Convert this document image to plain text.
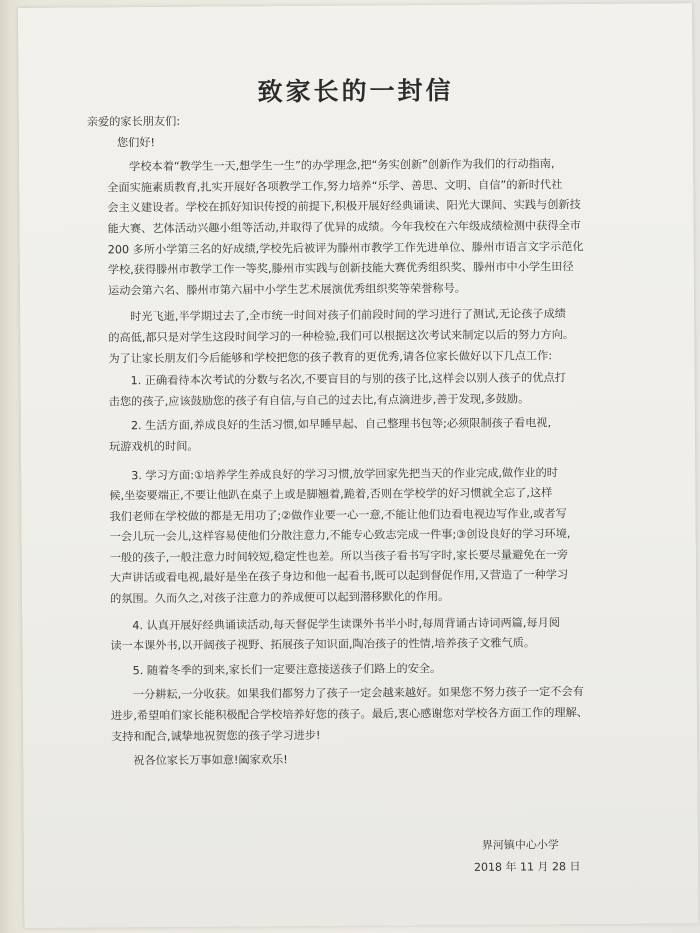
致家长的一封信
亲爱的家长朋友们:
您们好!
学校本着“教学生一天,想学生一生”的办学理念,把“务实创新”创新作为我们的行动指南,
全面实施素质教育,扎实开展好各项教学工作,努力培养“乐学、善思、文明、自信”的新时代社
会主义建设者。学校在抓好知识传授的前提下,积极开展好经典诵读、阳光大课间、实践与创新技
能大赛、艺体活动兴趣小组等活动,并取得了优异的成绩。今年我校在六年级成绩检测中获得全市
200 多所小学第三名的好成绩,学校先后被评为滕州市教学工作先进单位、滕州市语言文字示范化
学校,获得滕州市教学工作一等奖,滕州市实践与创新技能大赛优秀组织奖、滕州市中小学生田径
运动会第六名、滕州市第六届中小学生艺术展演优秀组织奖等荣誉称号。
时光飞逝,半学期过去了,全市统一时间对孩子们前段时间的学习进行了测试,无论孩子成绩
的高低,都只是对学生这段时间学习的一种检验,我们可以根据这次考试来制定以后的努力方向。
为了让家长朋友们今后能够和学校把您的孩子教育的更优秀,请各位家长做好以下几点工作:
1. 正确看待本次考试的分数与名次,不要盲目的与别的孩子比,这样会以别人孩子的优点打
击您的孩子,应该鼓励您的孩子有自信,与自己的过去比,有点滴进步,善于发现,多鼓励。
2. 生活方面,养成良好的生活习惯,如早睡早起、自己整理书包等;必须限制孩子看电视,
玩游戏机的时间。
3. 学习方面:①培养学生养成良好的学习习惯,放学回家先把当天的作业完成,做作业的时
候,坐姿要端正,不要让他趴在桌子上或是脚翘着,跪着,否则在学校学的好习惯就全忘了,这样
我们老师在学校做的都是无用功了;②做作业要一心一意,不能让他们边看电视边写作业,或者写
一会儿玩一会儿,这样容易使他们分散注意力,不能专心致志完成一件事;③创设良好的学习环境,
一般的孩子,一般注意力时间较短,稳定性也差。所以当孩子看书写字时,家长要尽量避免在一旁
大声讲话或看电视,最好是坐在孩子身边和他一起看书,既可以起到督促作用,又营造了一种学习
的氛围。久而久之,对孩子注意力的养成便可以起到潜移默化的作用。
4. 认真开展好经典诵读活动,每天督促学生读课外书半小时,每周背诵古诗词两篇,每月阅
读一本课外书,以开阔孩子视野、拓展孩子知识面,陶冶孩子的性情,培养孩子文雅气质。
5. 随着冬季的到来,家长们一定要注意接送孩子们路上的安全。
一分耕耘,一分收获。如果我们都努力了孩子一定会越来越好。如果您不努力孩子一定不会有
进步,希望咱们家长能积极配合学校培养好您的孩子。最后,衷心感谢您对学校各方面工作的理解、
支持和配合,诚挚地祝贺您的孩子学习进步!
祝各位家长万事如意!阖家欢乐!
界河镇中心小学
2018 年 11 月 28 日
